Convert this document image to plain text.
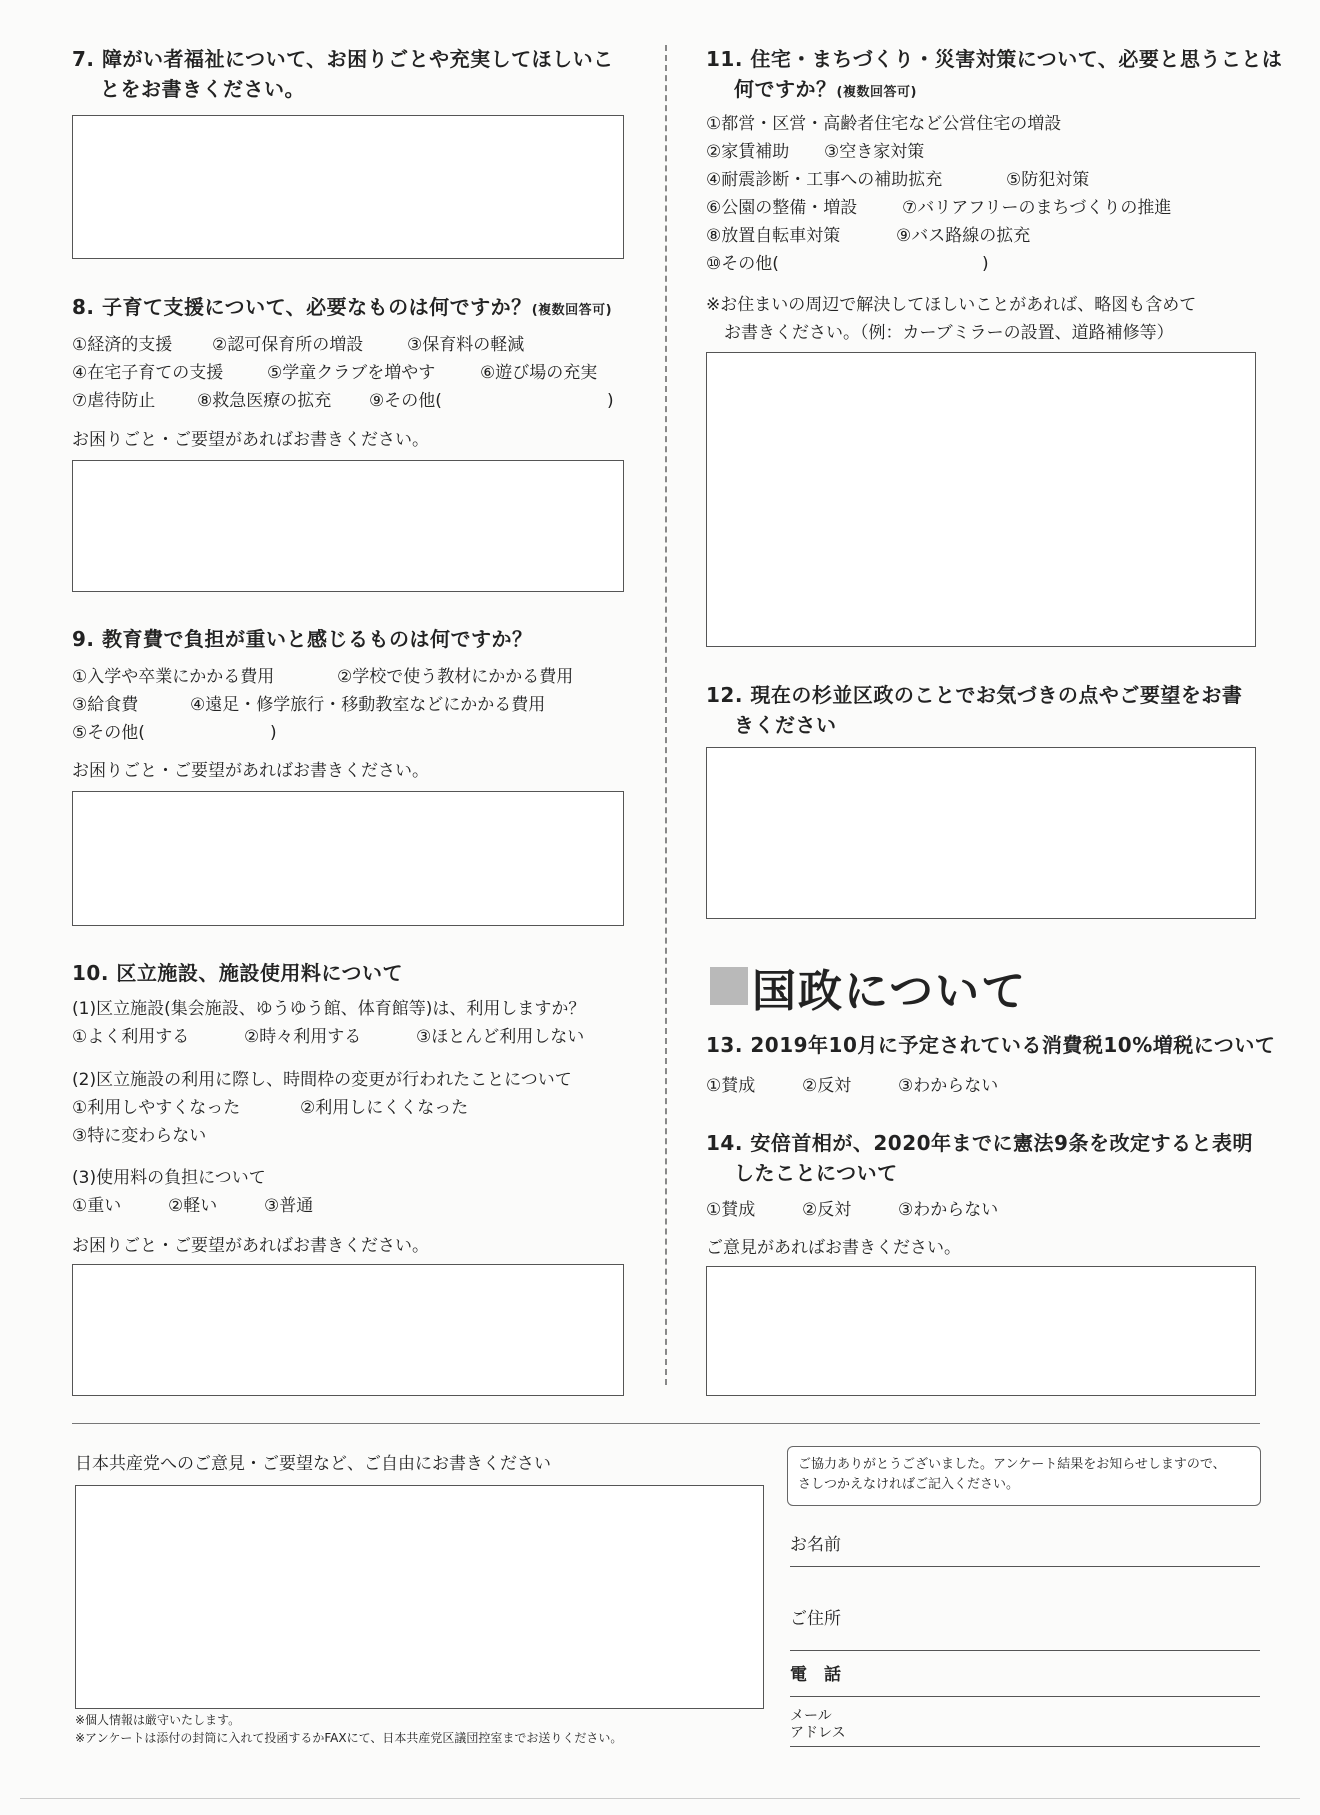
7. 障がい者福祉について、お困りごとや充実してほしいこ
とをお書きください。
8. 子育て支援について、必要なものは何ですか？(複数回答可)
①経済的支援 ②認可保育所の増設	③保育料の軽減
④在宅子育ての支援	⑤学童クラブを増やす	⑥遊び場の充実
⑦虐待防止 ⑧救急医療の拡充 ⑨その他(	)
お困りごと・ご要望があればお書きください。
9. 教育費で負担が重いと感じるものは何ですか？
①入学や卒業にかかる費用	②学校で使う教材にかかる費用
③給食費	④遠足・修学旅行・移動教室などにかかる費用
⑤その他(	)
お困りごと・ご要望があればお書きください。
10. 区立施設、施設使用料について
(1)区立施設(集会施設、ゆうゆう館、体育館等)は、利用しますか？
①よく利用する	②時々利用する	③ほとんど利用しない
(2)区立施設の利用に際し、時間枠の変更が行われたことについて
①利用しやすくなった	②利用しにくくなった
③特に変わらない
(3)使用料の負担について
①重い	②軽い	③普通
お困りごと・ご要望があればお書きください。
11. 住宅・まちづくり・災害対策について、必要と思うことは
何ですか？(複数回答可)
①都営・区営・高齢者住宅など公営住宅の増設
②家賃補助 ③空き家対策
④耐震診断・工事への補助拡充	⑤防犯対策
⑥公園の整備・増設	⑦バリアフリーのまちづくりの推進
⑧放置自転車対策	⑨バス路線の拡充
⑩その他(	)
※お住まいの周辺で解決してほしいことがあれば、略図も含めて
お書きください。（例：カーブミラーの設置、道路補修等）
12. 現在の杉並区政のことでお気づきの点やご要望をお書
きください
国政について
13. 2019年10月に予定されている消費税10%増税について
①賛成	②反対	③わからない
14. 安倍首相が、2020年までに憲法9条を改定すると表明
したことについて
①賛成	②反対	③わからない
ご意見があればお書きください。
日本共産党へのご意見・ご要望など、ご自由にお書きください
※個人情報は厳守いたします。
※アンケートは添付の封筒に入れて投函するかFAXにて、日本共産党区議団控室までお送りください。
ご協力ありがとうございました。アンケート結果をお知らせしますので、
さしつかえなければご記入ください。
お名前
ご住所
電　話
メール
アドレス
